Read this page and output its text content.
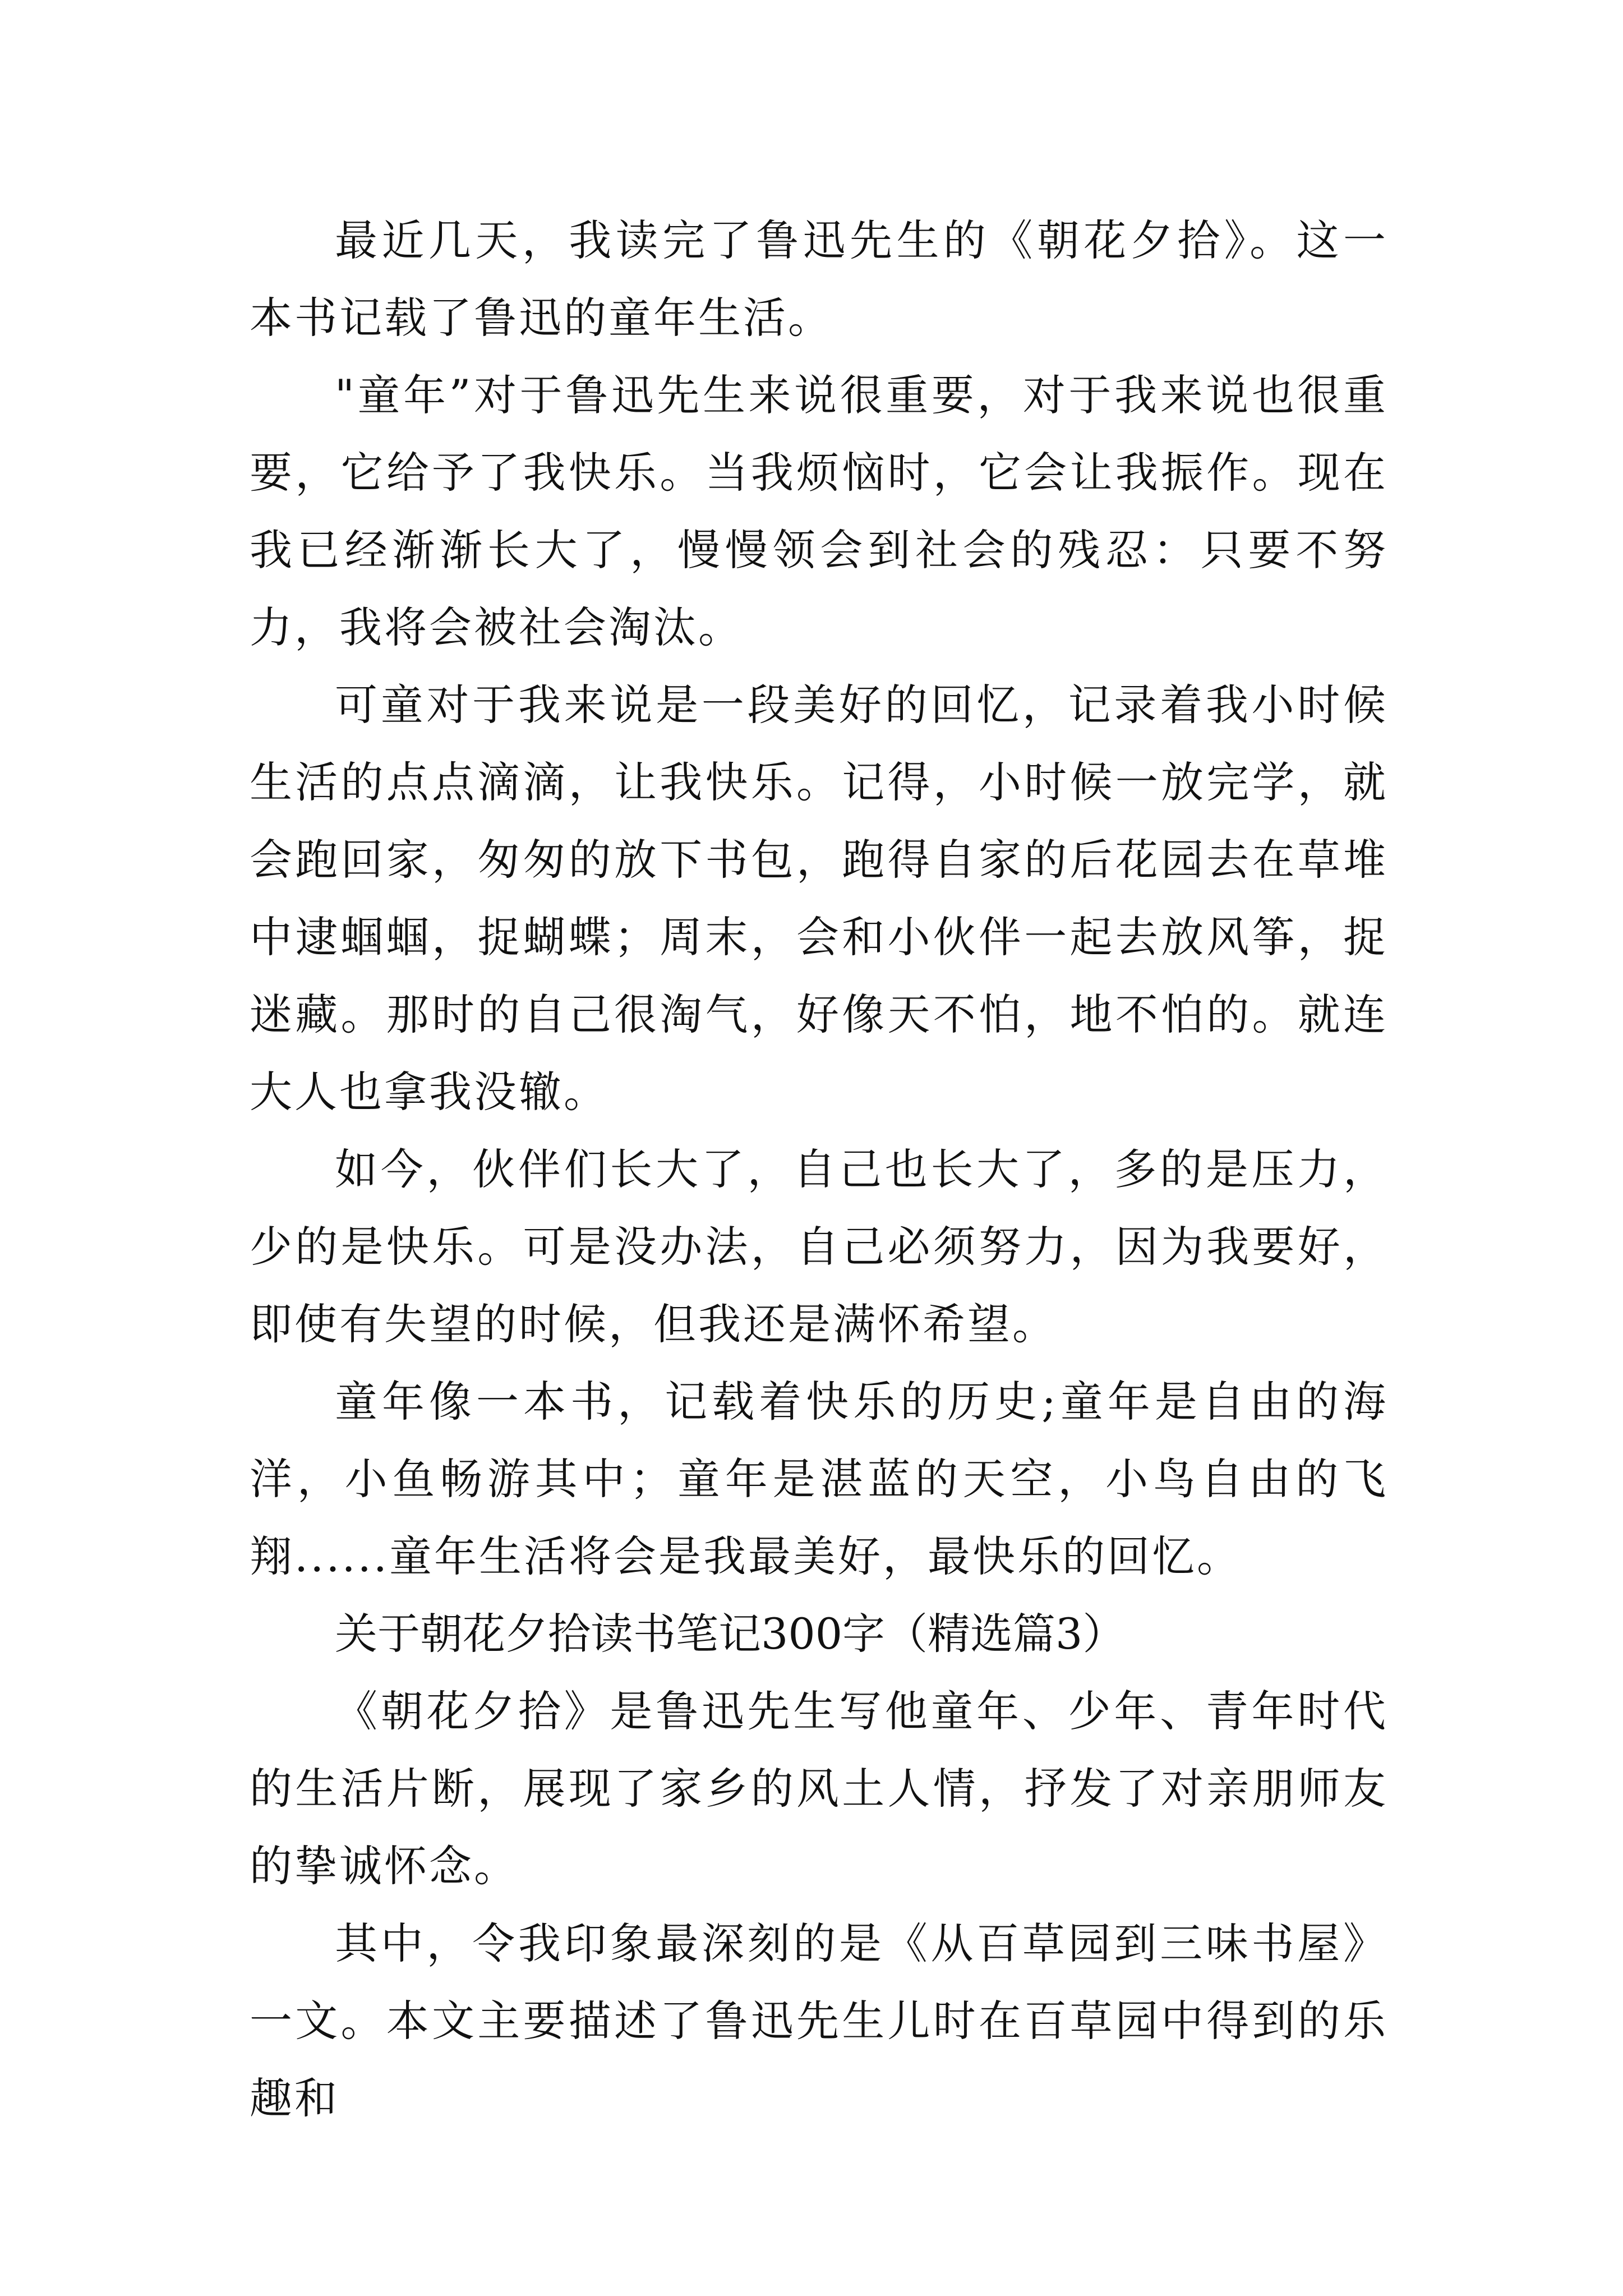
最近几天，我读完了鲁迅先生的《朝花夕拾》。这一本书记载了鲁迅的童年生活。

"童年”对于鲁迅先生来说很重要，对于我来说也很重要，它给予了我快乐。当我烦恼时，它会让我振作。现在我已经渐渐长大了，慢慢领会到社会的残忍：只要不努力，我将会被社会淘汰。

可童对于我来说是一段美好的回忆，记录着我小时候生活的点点滴滴，让我快乐。记得，小时候一放完学，就会跑回家，匆匆的放下书包，跑得自家的后花园去在草堆中逮蝈蝈，捉蝴蝶；周末，会和小伙伴一起去放风筝，捉迷藏。那时的自己很淘气，好像天不怕，地不怕的。就连大人也拿我没辙。

如今，伙伴们长大了，自己也长大了，多的是压力，少的是快乐。可是没办法，自己必须努力，因为我要好，即使有失望的时候，但我还是满怀希望。

童年像一本书，记载着快乐的历史;童年是自由的海洋，小鱼畅游其中；童年是湛蓝的天空，小鸟自由的飞翔......童年生活将会是我最美好，最快乐的回忆。

关于朝花夕拾读书笔记300字（精选篇3）

《朝花夕拾》是鲁迅先生写他童年、少年、青年时代的生活片断，展现了家乡的风土人情，抒发了对亲朋师友的挚诚怀念。

其中，令我印象最深刻的是《从百草园到三味书屋》一文。本文主要描述了鲁迅先生儿时在百草园中得到的乐趣和
